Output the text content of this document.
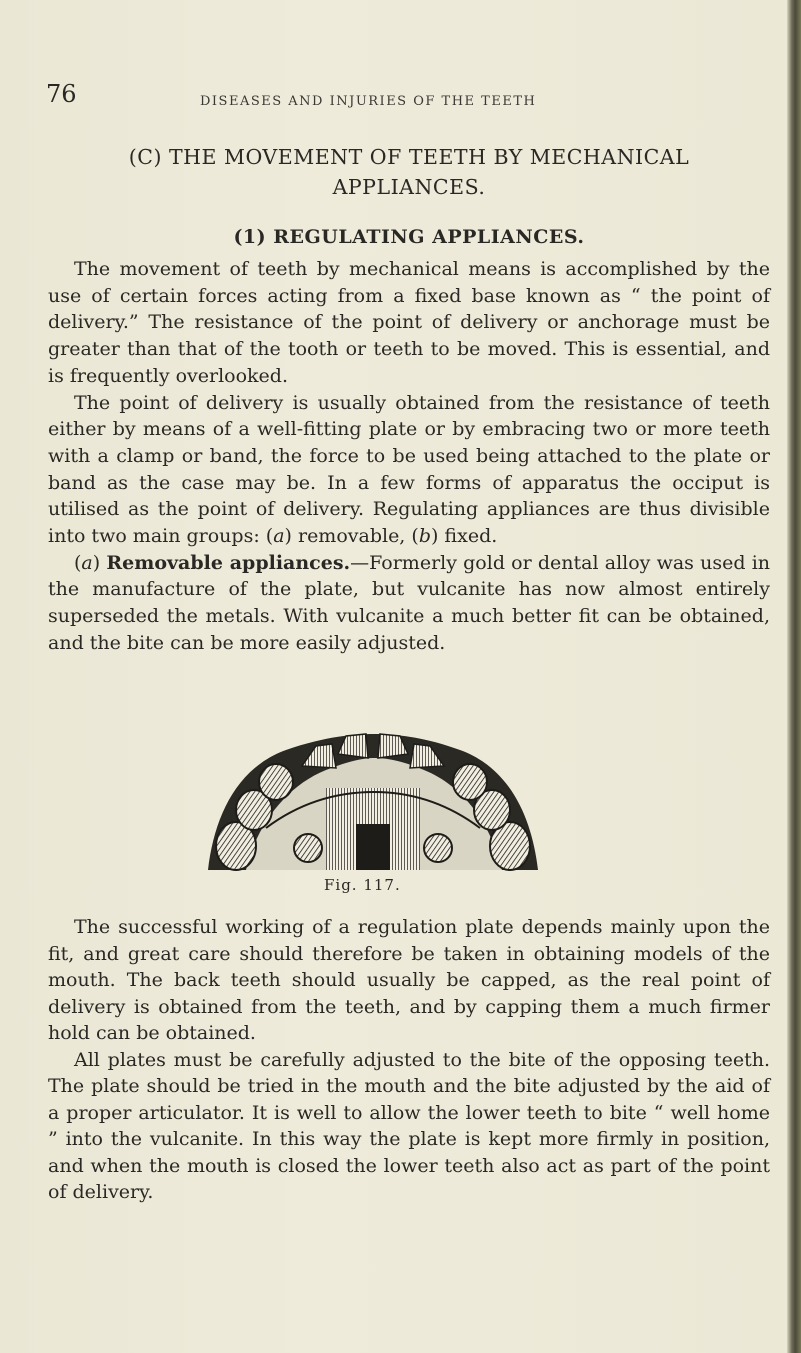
76	DISEASES AND INJURIES OF THE TEETH
(C) THE MOVEMENT OF TEETH BY MECHANICAL
APPLIANCES.
(1) REGULATING APPLIANCES.

The movement of teeth by mechanical means is accomplished by the use of certain forces acting from a fixed base known as “ the point of delivery.” The resistance of the point of delivery or anchorage must be greater than that of the tooth or teeth to be moved. This is essential, and is frequently overlooked.

The point of delivery is usually obtained from the resistance of teeth either by means of a well-fitting plate or by embracing two or more teeth with a clamp or band, the force to be used being attached to the plate or band as the case may be. In a few forms of apparatus the occiput is utilised as the point of delivery. Regulating appliances are thus divisible into two main groups: (a) removable, (b) fixed.

(a) Removable appliances.—Formerly gold or dental alloy was used in the manufacture of the plate, but vulcanite has now almost entirely superseded the metals. With vulcanite a much better fit can be obtained, and the bite can be more easily adjusted.

Fig. 117.

The successful working of a regulation plate depends mainly upon the fit, and great care should therefore be taken in obtaining models of the mouth. The back teeth should usually be capped, as the real point of delivery is obtained from the teeth, and by capping them a much firmer hold can be obtained.

All plates must be carefully adjusted to the bite of the opposing teeth. The plate should be tried in the mouth and the bite adjusted by the aid of a proper articulator. It is well to allow the lower teeth to bite “ well home ” into the vulcanite. In this way the plate is kept more firmly in position, and when the mouth is closed the lower teeth also act as part of the point of delivery.
